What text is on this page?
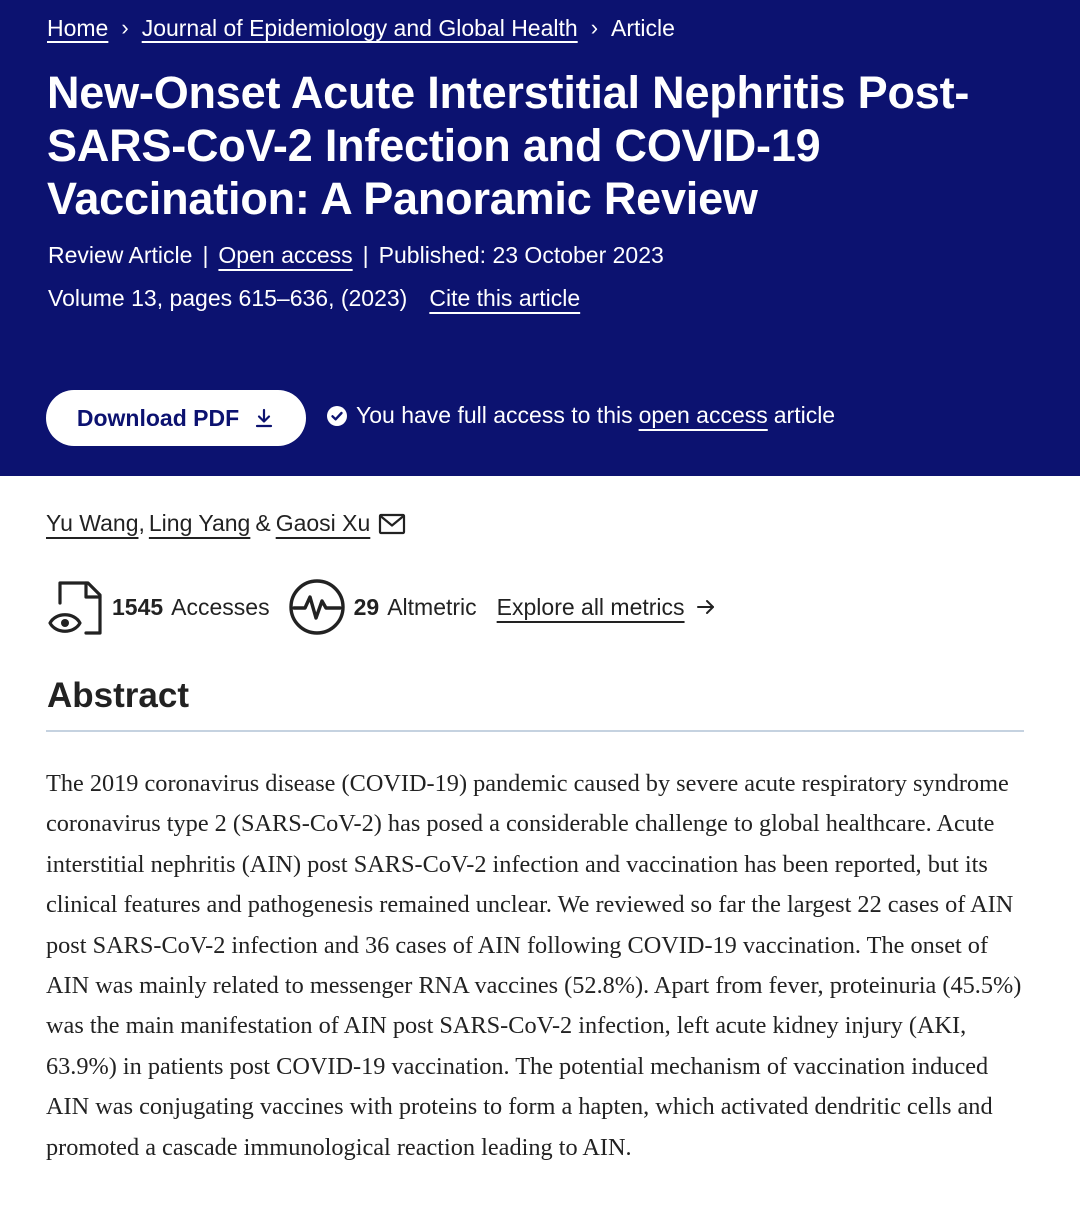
Home › Journal of Epidemiology and Global Health › Article
New-Onset Acute Interstitial Nephritis Post-SARS-CoV-2 Infection and COVID-19 Vaccination: A Panoramic Review
Review Article | Open access | Published: 23 October 2023
Volume 13, pages 615–636, (2023) Cite this article
Download PDF	You have full access to this open access article
Yu Wang , Ling Yang & Gaosi Xu
1545 Accesses	29 Altmetric Explore all metrics
Abstract

The 2019 coronavirus disease (COVID-19) pandemic caused by severe acute respiratory syndrome coronavirus type 2 (SARS-CoV-2) has posed a considerable challenge to global healthcare. Acute interstitial nephritis (AIN) post SARS-CoV-2 infection and vaccination has been reported, but its clinical features and pathogenesis remained unclear. We reviewed so far the largest 22 cases of AIN post SARS-CoV-2 infection and 36 cases of AIN following COVID-19 vaccination. The onset of AIN was mainly related to messenger RNA vaccines (52.8%). Apart from fever, proteinuria (45.5%) was the main manifestation of AIN post SARS-CoV-2 infection, left acute kidney injury (AKI, 63.9%) in patients post COVID-19 vaccination. The potential mechanism of vaccination induced AIN was conjugating vaccines with proteins to form a hapten, which activated dendritic cells and promoted a cascade immunological reaction leading to AIN.
